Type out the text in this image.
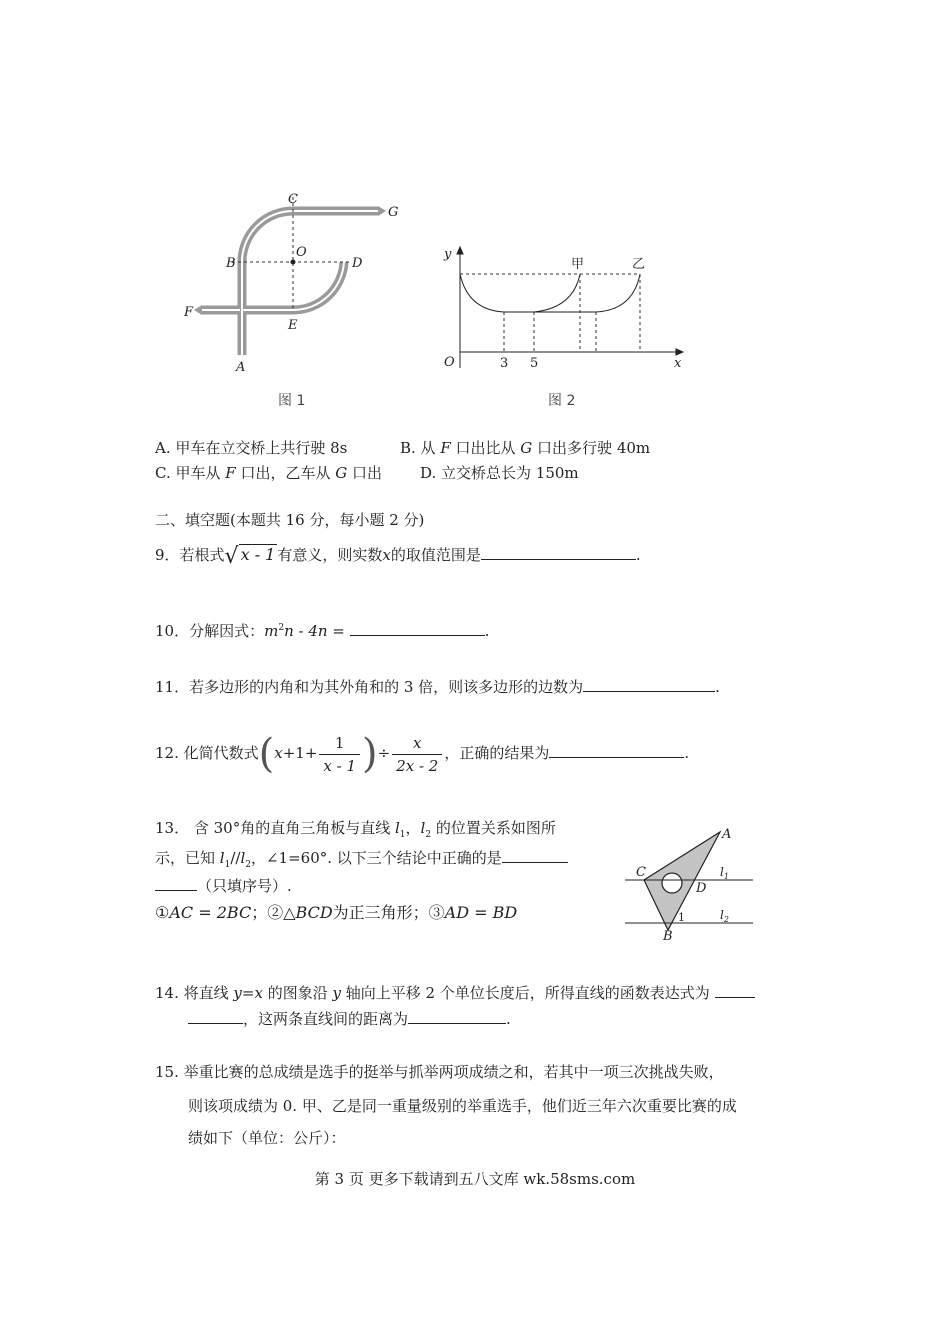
C
G
O
B	D
F
E
A
图 1
y
甲	乙
O	3 5	x
图 2
A. 甲车在立交桥上共行驶 8s	B. 从 F 口出比从 G 口出多行驶 40m
C. 甲车从 F 口出，乙车从 G 口出	D. 立交桥总长为 150m
二、填空题(本题共 16 分，每小题 2 分)
9．若根式√ x - 1 有意义，则实数x的取值范围是	.
10．分解因式：$m^2n - 4n$ =	.
11．若多边形的内角和为其外角和的 3 倍，则该多边形的边数为	.
12. 化简代数式($x+1+ \frac{1}{x - 1}$ )÷ $\frac{x}{2x - 2}$ ，正确的结果为	.
13． 含 30°角的直角三角板与直线 $l_1$，$l_2$ 的位置关系如图所
示，已知 $l_1//l_2$，∠1=60°. 以下三个结论中正确的是
（只填序号）.
①AC = 2BC；②△BCD为正三角形；③AD = BD
A
C
D
B
1
$l_1$
$l_2$
14. 将直线 y=x 的图象沿 y 轴向上平移 2 个单位长度后，所得直线的函数表达式为
，这两条直线间的距离为	.
15. 举重比赛的总成绩是选手的挺举与抓举两项成绩之和，若其中一项三次挑战失败，
则该项成绩为 0. 甲、乙是同一重量级别的举重选手，他们近三年六次重要比赛的成
绩如下（单位：公斤）：
第 3 页 更多下载请到五八文库 wk.58sms.com
